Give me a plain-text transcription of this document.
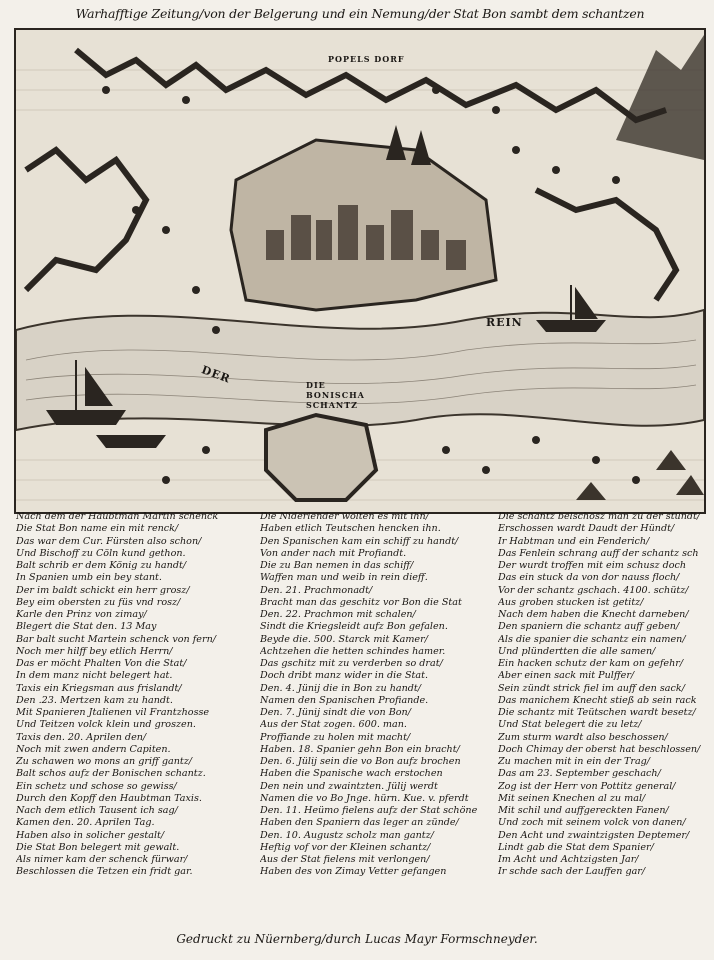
Warhafftige Zeitung/von der Belgerung und ein Nemung/der Stat Bon sambt dem schantzen
POPELS DORF
DER
REIN
DIE BONISCHA SCHANTZ
Nach dem der Haubtman Martin schenck
Die Stat Bon name ein mit renck/
Das war dem Cur. Fürsten also schon/
Und Bischoff zu Cöln kund gethon.
Balt schrib er dem König zu handt/
In Spanien umb ein bey stant.
Der im baldt schickt ein herr grosz/
Bey eim obersten zu füs vnd rosz/
Karle den Prinz von zimay/
Blegert die Stat den. 13 May
Bar balt sucht Martein schenck von fern/
Noch mer hilff bey etlich Herrn/
Das er möcht Phalten Von die Stat/
In dem manz nicht belegert hat.
Taxis ein Kriegsman aus frislandt/
Den .23. Mertzen kam zu handt.
Mit Spanieren Jtalienen vil Frantzhosse
Und Teitzen volck klein und groszen.
Taxis den. 20. Aprilen den/
Noch mit zwen andern Capiten.
Zu schawen wo mons an griff gantz/
Balt schos aufz der Bonischen schantz.
Ein schetz und schose so gewiss/
Durch den Kopff den Haubtman Taxis.
Nach dem etlich Tausent ich sag/
Kamen den. 20. Aprilen Tag.
Haben also in solicher gestalt/
Die Stat Bon belegert mit gewalt.
Als nimer kam der schenck fürwar/
Beschlossen die Tetzen ein fridt gar.
Die Niderlender wolten es mit ihn/
Haben etlich Teutschen hencken ihn.
Den Spanischen kam ein schiff zu handt/
Von ander nach mit Profiandt.
Die zu Ban nemen in das schiff/
Waffen man und weib in rein dieff.
Den. 21. Prachmonadt/
Bracht man das geschitz vor Bon die Stat
Den. 22. Prachmon mit schalen/
Sindt die Kriegsleidt aufz Bon gefalen.
Beyde die. 500. Starck mit Kamer/
Achtzehen die hetten schindes hamer.
Das gschitz mit zu verderben so drat/
Doch dribt manz wider in die Stat.
Den. 4. Jünij die in Bon zu handt/
Namen den Spanischen Profiande.
Den. 7. Jünij sindt die von Bon/
Aus der Stat zogen. 600. man.
Proffiande zu holen mit macht/
Haben. 18. Spanier gehn Bon ein bracht/
Den. 6. Jülij sein die vo Bon aufz brochen
Haben die Spanische wach erstochen
Den nein und zwaintzten. Jülij werdt
Namen die vo Bo Jnge. hürn. Kue. v. pferdt
Den. 11. Heümo fielens aufz der Stat schöne
Haben den Spaniern das leger an zünde/
Den. 10. Augustz scholz man gantz/
Heftig vof vor der Kleinen schantz/
Aus der Stat fielens mit verlongen/
Haben des von Zimay Vetter gefangen
Die schantz belschosz man zu der stundt/
Erschossen wardt Daudt der Hündt/
Ir Habtman und ein Fenderich/
Das Fenlein schrang auff der schantz sch
Der wurdt troffen mit eim schusz doch
Das ein stuck da von dor nauss floch/
Vor der schantz gschach. 4100. schütz/
Aus groben stucken ist getitz/
Nach dem haben die Knecht darneben/
Den spaniern die schantz auff geben/
Als die spanier die schantz ein namen/
Und plündertten die alle samen/
Ein hacken schutz der kam on gefehr/
Aber einen sack mit Pulffer/
Sein zündt strick fiel im auff den sack/
Das manichem Knecht stieß ab sein rack
Die schantz mit Teütschen wardt besetz/
Und Stat belegert die zu letz/
Zum sturm wardt also beschossen/
Doch Chimay der oberst hat beschlossen/
Zu machen mit in ein der Trag/
Das am 23. September geschach/
Zog ist der Herr von Pottitz general/
Mit seinen Knechen al zu mal/
Mit schil und auffgereckten Fanen/
Und zoch mit seinem volck von danen/
Den Acht und zwaintzigsten Deptemer/
Lindt gab die Stat dem Spanier/
Im Acht und Achtzigsten Jar/
Ir schde sach der Lauffen gar/
Gedruckt zu Nüernberg/durch Lucas Mayr Formschneyder.
